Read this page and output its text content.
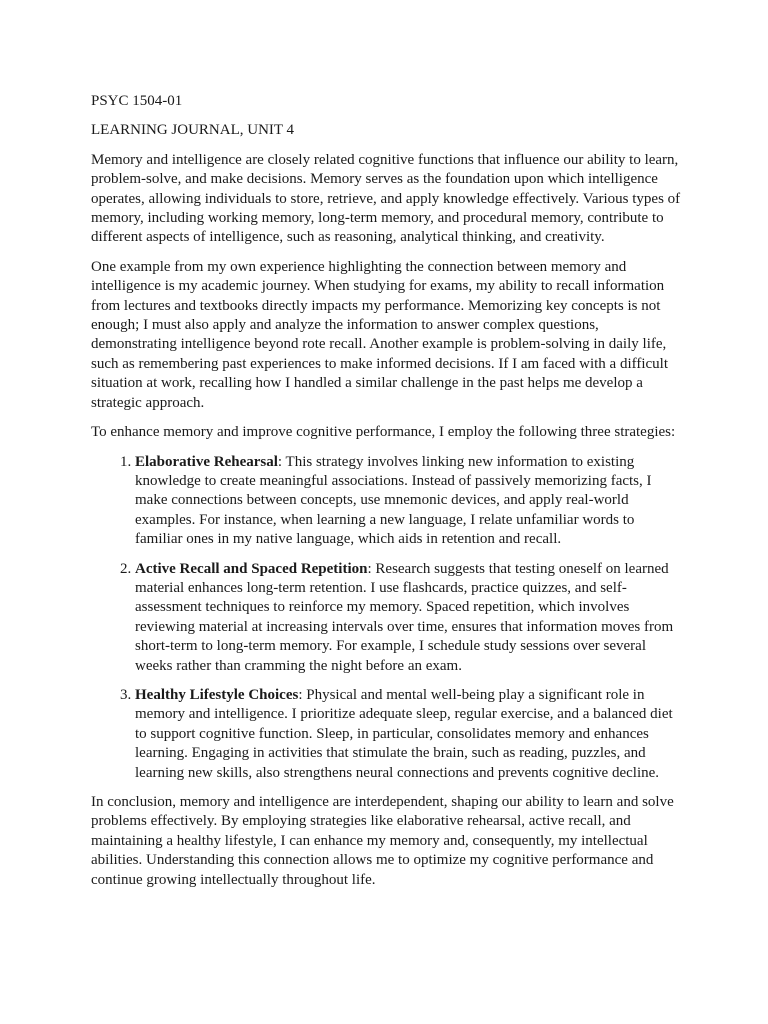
PSYC 1504-01

LEARNING JOURNAL, UNIT 4

Memory and intelligence are closely related cognitive functions that influence our ability to learn, problem-solve, and make decisions. Memory serves as the foundation upon which intelligence operates, allowing individuals to store, retrieve, and apply knowledge effectively. Various types of memory, including working memory, long-term memory, and procedural memory, contribute to different aspects of intelligence, such as reasoning, analytical thinking, and creativity.

One example from my own experience highlighting the connection between memory and intelligence is my academic journey. When studying for exams, my ability to recall information from lectures and textbooks directly impacts my performance. Memorizing key concepts is not enough; I must also apply and analyze the information to answer complex questions, demonstrating intelligence beyond rote recall. Another example is problem-solving in daily life, such as remembering past experiences to make informed decisions. If I am faced with a difficult situation at work, recalling how I handled a similar challenge in the past helps me develop a strategic approach.

To enhance memory and improve cognitive performance, I employ the following three strategies:

1. Elaborative Rehearsal: This strategy involves linking new information to existing knowledge to create meaningful associations. Instead of passively memorizing facts, I make connections between concepts, use mnemonic devices, and apply real-world examples. For instance, when learning a new language, I relate unfamiliar words to familiar ones in my native language, which aids in retention and recall.
2. Active Recall and Spaced Repetition: Research suggests that testing oneself on learned material enhances long-term retention. I use flashcards, practice quizzes, and self-assessment techniques to reinforce my memory. Spaced repetition, which involves reviewing material at increasing intervals over time, ensures that information moves from short-term to long-term memory. For example, I schedule study sessions over several weeks rather than cramming the night before an exam.
3. Healthy Lifestyle Choices: Physical and mental well-being play a significant role in memory and intelligence. I prioritize adequate sleep, regular exercise, and a balanced diet to support cognitive function. Sleep, in particular, consolidates memory and enhances learning. Engaging in activities that stimulate the brain, such as reading, puzzles, and learning new skills, also strengthens neural connections and prevents cognitive decline.

In conclusion, memory and intelligence are interdependent, shaping our ability to learn and solve problems effectively. By employing strategies like elaborative rehearsal, active recall, and maintaining a healthy lifestyle, I can enhance my memory and, consequently, my intellectual abilities. Understanding this connection allows me to optimize my cognitive performance and continue growing intellectually throughout life.
